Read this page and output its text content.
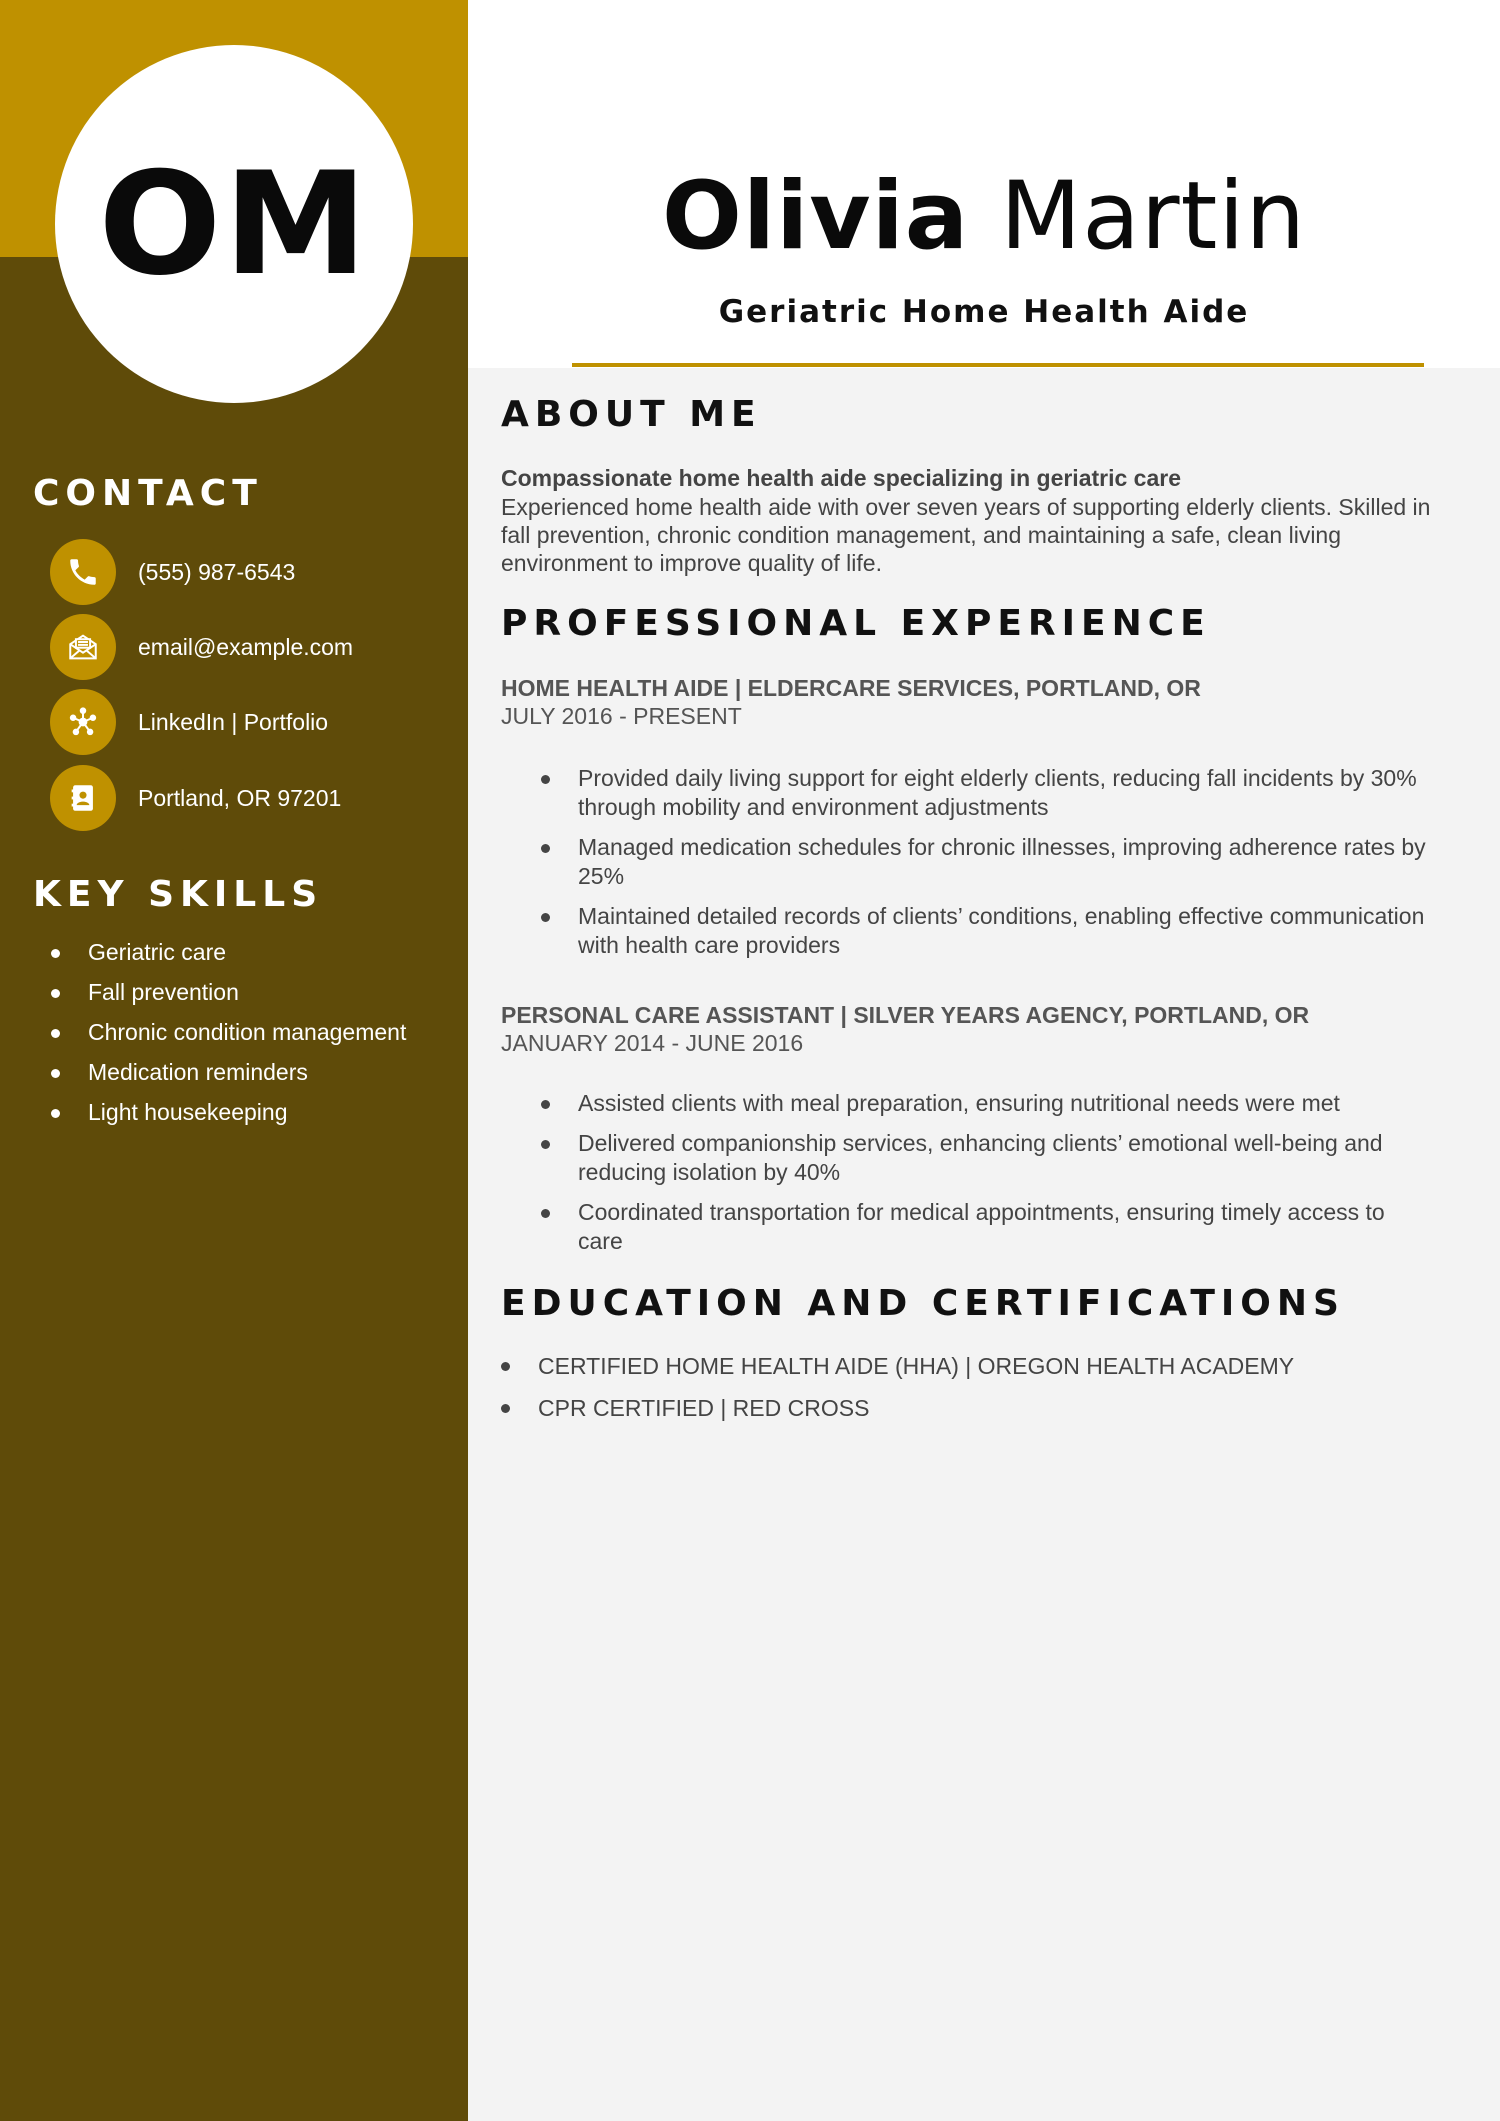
OM
CONTACT
(555) 987-6543
email@example.com
LinkedIn | Portfolio
Portland, OR 97201
KEY SKILLS
Geriatric care
Fall prevention
Chronic condition management
Medication reminders
Light housekeeping
Olivia Martin
Geriatric Home Health Aide
ABOUT ME
Compassionate home health aide specializing in geriatric care
Experienced home health aide with over seven years of supporting elderly clients. Skilled in fall prevention, chronic condition management, and maintaining a safe, clean living environment to improve quality of life.
PROFESSIONAL EXPERIENCE
HOME HEALTH AIDE | ELDERCARE SERVICES, PORTLAND, OR
JULY 2016 - PRESENT
Provided daily living support for eight elderly clients, reducing fall incidents by 30% through mobility and environment adjustments
Managed medication schedules for chronic illnesses, improving adherence rates by 25%
Maintained detailed records of clients’ conditions, enabling effective communication with health care providers
PERSONAL CARE ASSISTANT | SILVER YEARS AGENCY, PORTLAND, OR
JANUARY 2014 - JUNE 2016
Assisted clients with meal preparation, ensuring nutritional needs were met
Delivered companionship services, enhancing clients’ emotional well-being and reducing isolation by 40%
Coordinated transportation for medical appointments, ensuring timely access to care
EDUCATION AND CERTIFICATIONS
CERTIFIED HOME HEALTH AIDE (HHA) | OREGON HEALTH ACADEMY
CPR CERTIFIED | RED CROSS
